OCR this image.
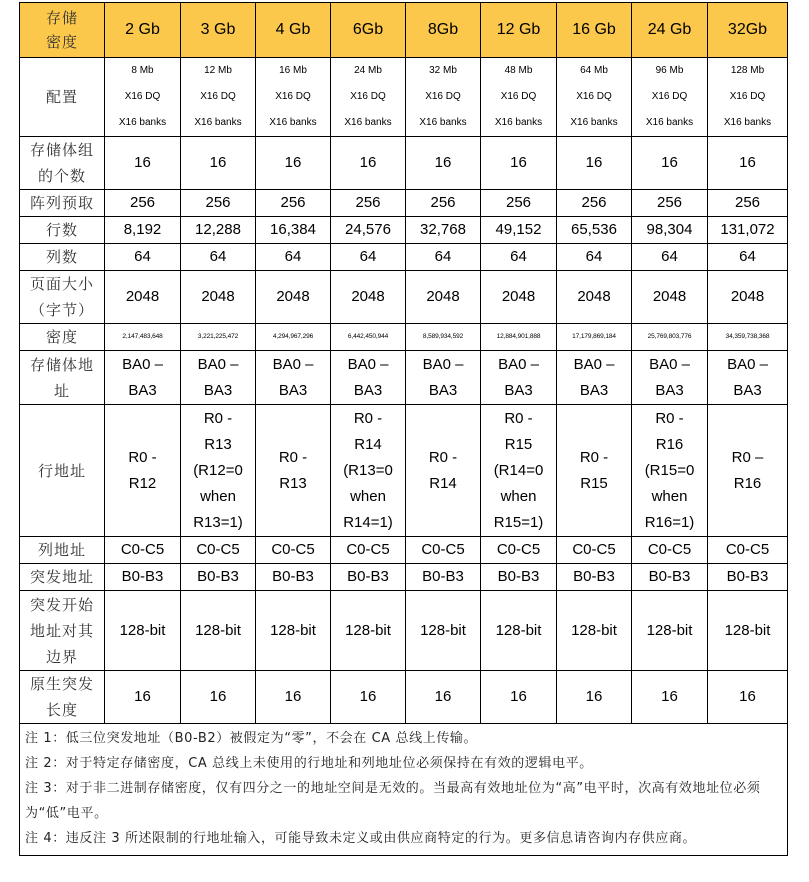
存储
密度	2 Gb	3 Gb	4 Gb	6Gb	8Gb	12 Gb	16 Gb	24 Gb	32Gb
配置	8 Mb
X16 DQ
X16 banks	12 Mb
X16 DQ
X16 banks	16 Mb
X16 DQ
X16 banks	24 Mb
X16 DQ
X16 banks	32 Mb
X16 DQ
X16 banks	48 Mb
X16 DQ
X16 banks	64 Mb
X16 DQ
X16 banks	96 Mb
X16 DQ
X16 banks	128 Mb
X16 DQ
X16 banks

存储体组
的个数	16	16	16	16	16	16	16	16	16

阵列预取	256	256	256	256	256	256	256	256	256

行数	8,192	12,288	16,384	24,576	32,768	49,152	65,536	98,304	131,072

列数	64	64	64	64	64	64	64	64	64

页面大小
（字节）	2048	2048	2048	2048	2048	2048	2048	2048	2048

密度	2,147,483,648	3,221,225,472	4,294,967,296	6,442,450,944	8,589,934,592	12,884,901,888	17,179,869,184	25,769,803,776	34,359,738,368

存储体地
址	BA0 –
BA3	BA0 –
BA3	BA0 –
BA3	BA0 –
BA3	BA0 –
BA3	BA0 –
BA3	BA0 –
BA3	BA0 –
BA3	BA0 –
BA3

行地址	R0 -
R12	R0 -
R13
(R12=0
when
R13=1)	R0 -
R13	R0 -
R14
(R13=0
when
R14=1)	R0 -
R14	R0 -
R15
(R14=0
when
R15=1)	R0 -
R15	R0 -
R16
(R15=0
when
R16=1)	R0 –
R16

列地址	C0-C5	C0-C5	C0-C5	C0-C5	C0-C5	C0-C5	C0-C5	C0-C5	C0-C5

突发地址	B0-B3	B0-B3	B0-B3	B0-B3	B0-B3	B0-B3	B0-B3	B0-B3	B0-B3

突发开始
地址对其
边界	128-bit	128-bit	128-bit	128-bit	128-bit	128-bit	128-bit	128-bit	128-bit

原生突发
长度	16	16	16	16	16	16	16	16	16

注 1：低三位突发地址（B0-B2）被假定为“零”，不会在 CA 总线上传输。
注 2：对于特定存储密度，CA 总线上未使用的行地址和列地址位必须保持在有效的逻辑电平。
注 3：对于非二进制存储密度，仅有四分之一的地址空间是无效的。当最高有效地址位为“高”电平时，次高有效地址位必须为“低”电平。
注 4：违反注 3 所述限制的行地址输入，可能导致未定义或由供应商特定的行为。更多信息请咨询内存供应商。									
